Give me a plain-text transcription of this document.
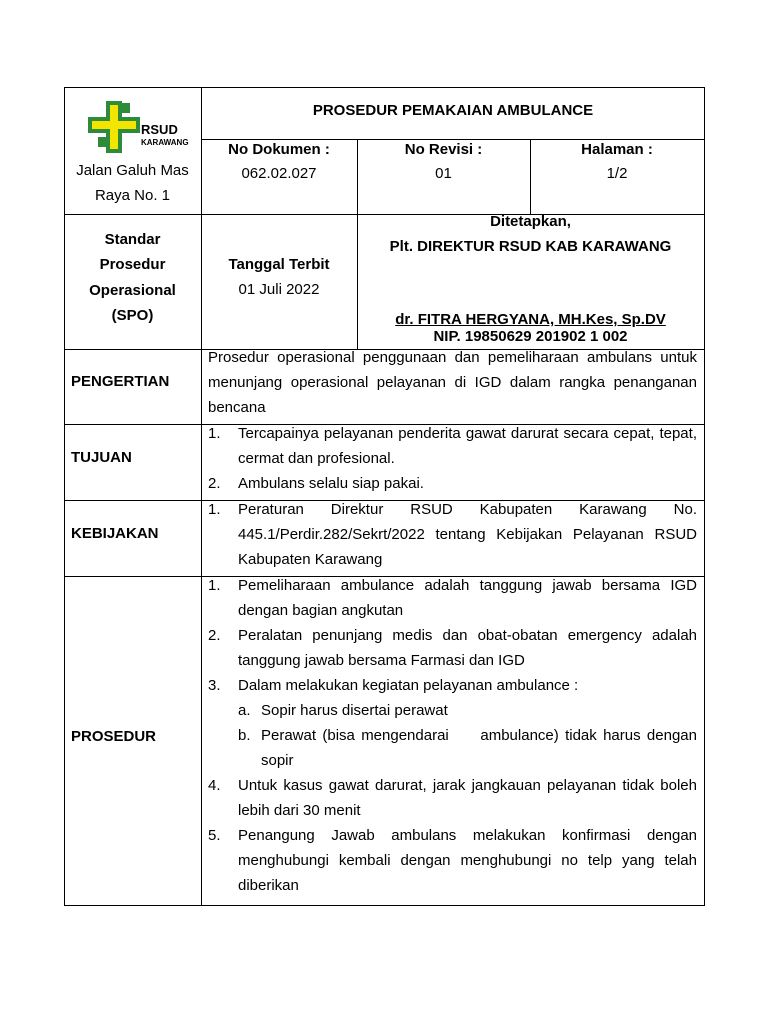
RSUD
KARAWANG
Jalan Galuh Mas Raya No. 1
PROSEDUR PEMAKAIAN AMBULANCE
No Dokumen :
062.02.027
No Revisi :
01
Halaman :
1/2
Standar Prosedur Operasional (SPO)
Tanggal Terbit
01 Juli 2022
Ditetapkan,
Plt. DIREKTUR RSUD KAB KARAWANG
dr. FITRA HERGYANA, MH.Kes, Sp.DV
NIP. 19850629 201902 1 002
PENGERTIAN
Prosedur operasional penggunaan dan pemeliharaan ambulans untuk menunjang operasional pelayanan di IGD dalam rangka penanganan bencana
TUJUAN
1. Tercapainya pelayanan penderita gawat darurat secara cepat, tepat, cermat dan profesional.
2. Ambulans selalu siap pakai.
KEBIJAKAN
1. Peraturan Direktur RSUD Kabupaten Karawang No. 445.1/Perdir.282/Sekrt/2022 tentang Kebijakan Pelayanan RSUD Kabupaten Karawang
PROSEDUR
1. Pemeliharaan ambulance adalah tanggung jawab bersama IGD dengan bagian angkutan
2. Peralatan penunjang medis dan obat-obatan emergency adalah tanggung jawab bersama Farmasi dan IGD
3. Dalam melakukan kegiatan pelayanan ambulance :
a. Sopir harus disertai perawat
b. Perawat (bisa mengendarai     ambulance) tidak harus dengan sopir
4. Untuk kasus gawat darurat, jarak jangkauan pelayanan tidak boleh lebih dari 30 menit
5. Penangung Jawab ambulans melakukan konfirmasi dengan menghubungi kembali dengan menghubungi no telp yang telah diberikan
